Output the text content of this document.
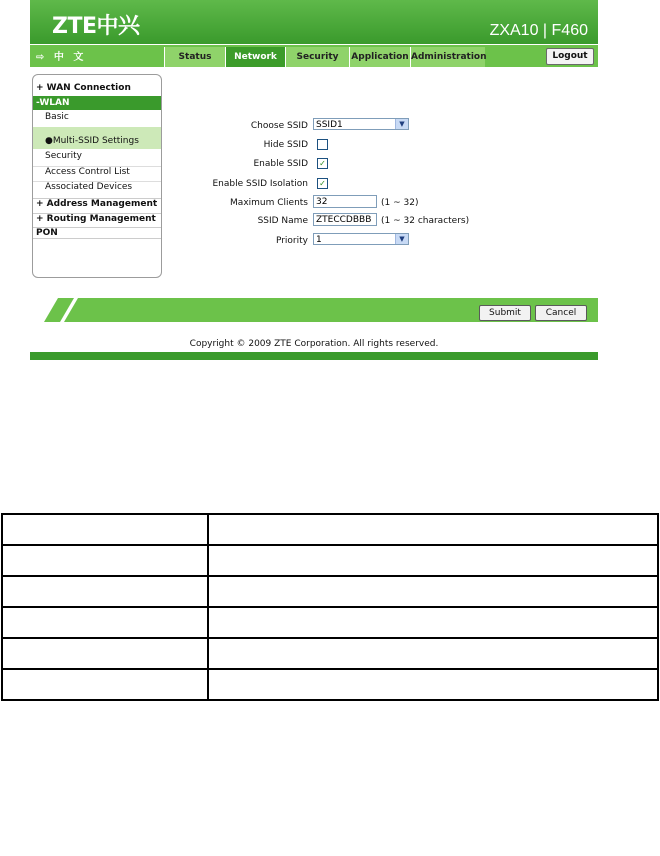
ZTE中兴	ZXA10 | F460
⇨ 中 文	Status	Network	Security	Application Administration	Logout
+ WAN Connection
-WLAN
Basic
●Multi-SSID Settings
Security
Access Control List
Associated Devices
+ Address Management
+ Routing Management
PON
Choose SSID SSID1	▼
Hide SSID
Enable SSID ✓
Enable SSID Isolation ✓
Maximum Clients 32	(1 ~ 32)
SSID Name ZTECCDBBB	(1 ~ 32 characters)
Priority 1	▼
Submit	Cancel
Copyright © 2009 ZTE Corporation. All rights reserved.
